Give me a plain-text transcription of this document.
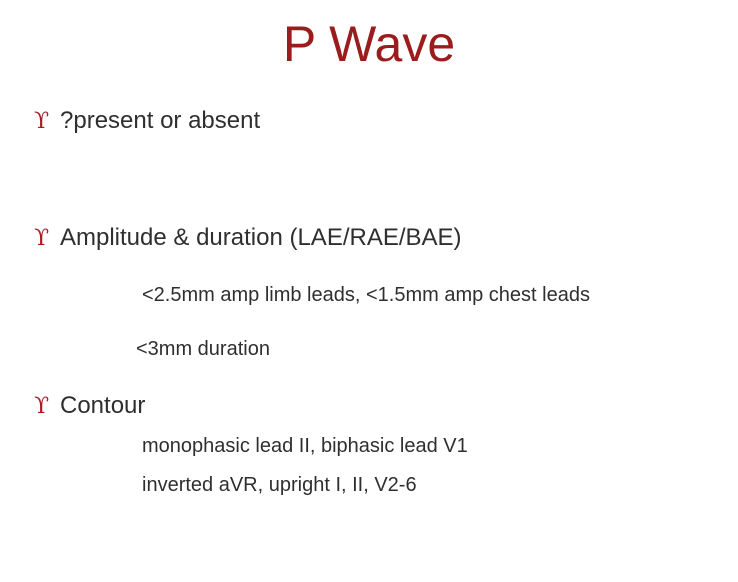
P Wave
ϒ ?present or absent
ϒ Amplitude & duration (LAE/RAE/BAE)
<2.5mm amp limb leads, <1.5mm amp chest leads
<3mm duration
ϒ Contour
monophasic lead II, biphasic lead V1
inverted aVR, upright I, II, V2-6
